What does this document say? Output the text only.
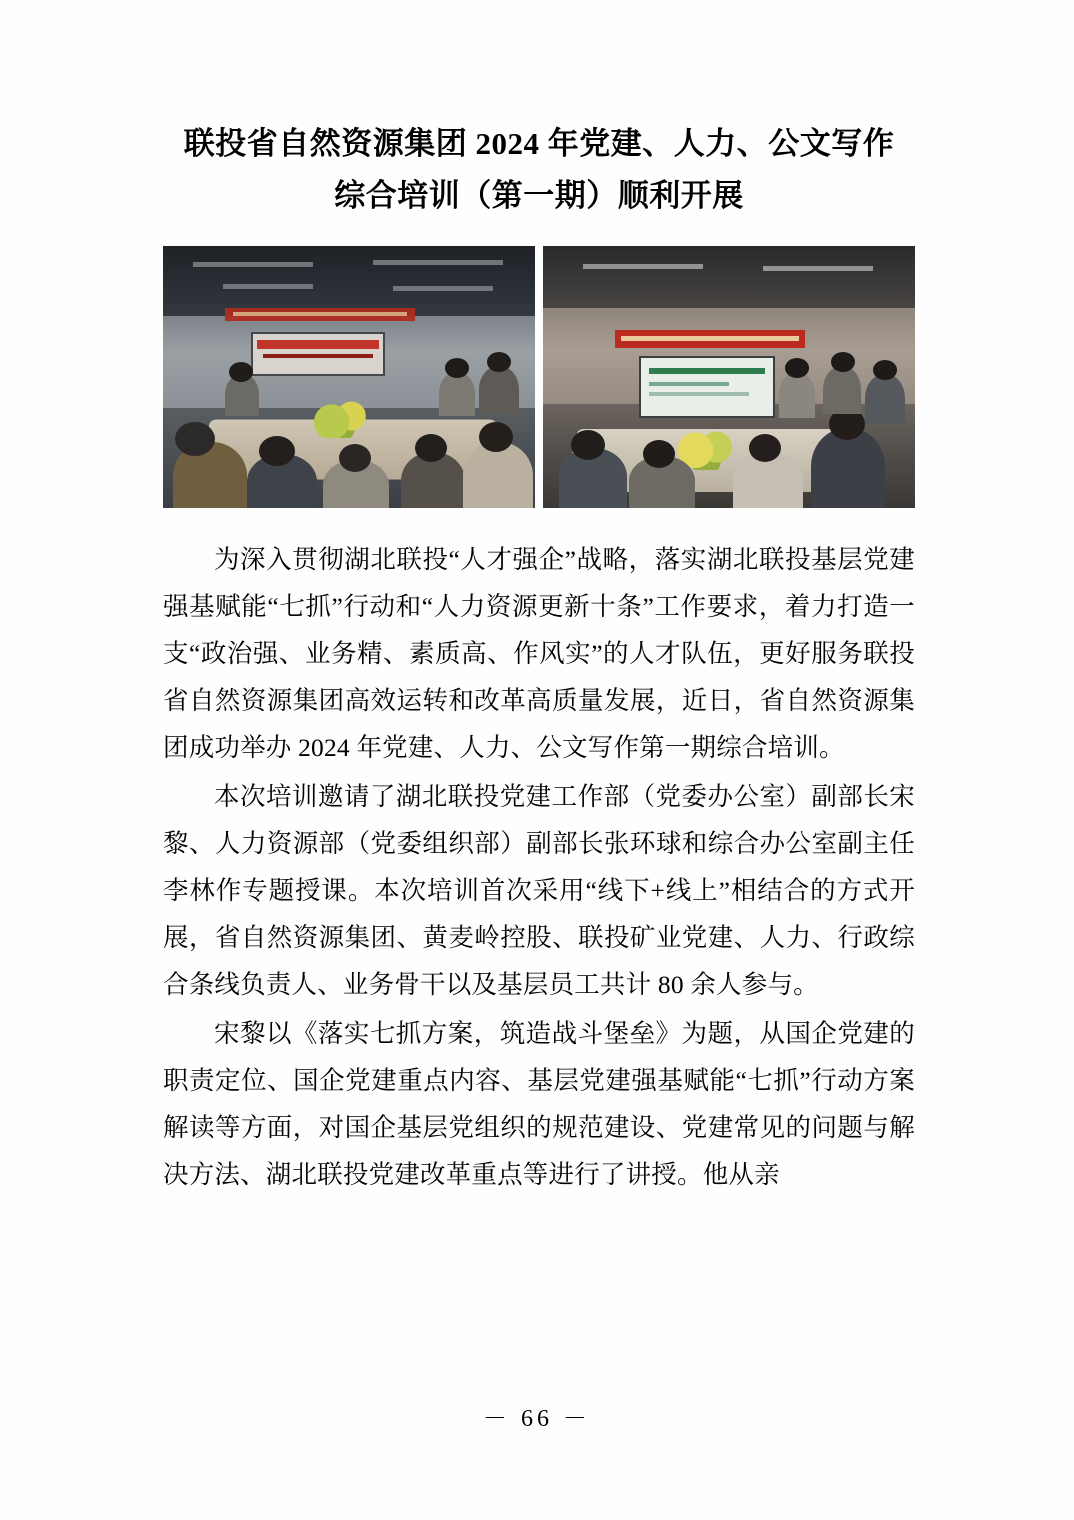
联投省自然资源集团 2024 年党建、人力、公文写作
综合培训（第一期）顺利开展

为深入贯彻湖北联投“人才强企”战略，落实湖北联投基层党建强基赋能“七抓”行动和“人力资源更新十条”工作要求，着力打造一支“政治强、业务精、素质高、作风实”的人才队伍，更好服务联投省自然资源集团高效运转和改革高质量发展，近日，省自然资源集团成功举办 2024 年党建、人力、公文写作第一期综合培训。

本次培训邀请了湖北联投党建工作部（党委办公室）副部长宋黎、人力资源部（党委组织部）副部长张环球和综合办公室副主任李林作专题授课。本次培训首次采用“线下+线上”相结合的方式开展，省自然资源集团、黄麦岭控股、联投矿业党建、人力、行政综合条线负责人、业务骨干以及基层员工共计 80 余人参与。

宋黎以《落实七抓方案，筑造战斗堡垒》为题，从国企党建的职责定位、国企党建重点内容、基层党建强基赋能“七抓”行动方案解读等方面，对国企基层党组织的规范建设、党建常见的问题与解决方法、湖北联投党建改革重点等进行了讲授。他从亲

－ 66 －
